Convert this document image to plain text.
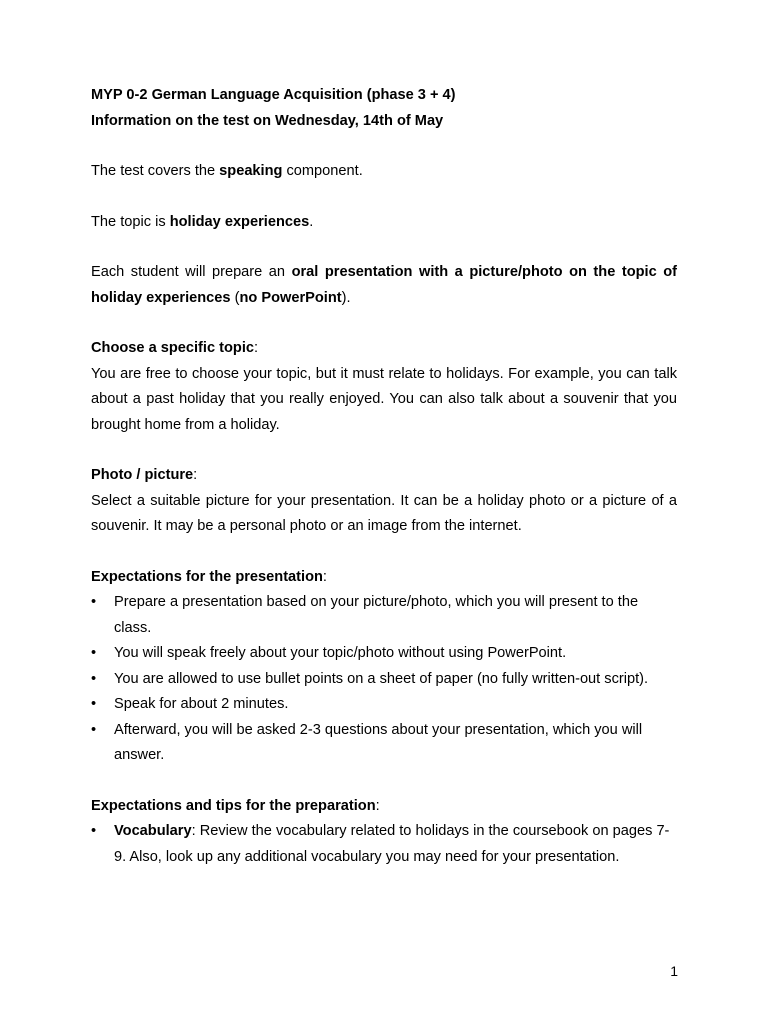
MYP 0-2 German Language Acquisition (phase 3 + 4)

Information on the test on Wednesday, 14th of May

The test covers the speaking component.

The topic is holiday experiences.

Each student will prepare an oral presentation with a picture/photo on the topic of holiday experiences (no PowerPoint).

Choose a specific topic:

You are free to choose your topic, but it must relate to holidays. For example, you can talk about a past holiday that you really enjoyed. You can also talk about a souvenir that you brought home from a holiday.

Photo / picture:

Select a suitable picture for your presentation. It can be a holiday photo or a picture of a souvenir. It may be a personal photo or an image from the internet.

Expectations for the presentation:

• Prepare a presentation based on your picture/photo, which you will present to the class.
• You will speak freely about your topic/photo without using PowerPoint.
• You are allowed to use bullet points on a sheet of paper (no fully written-out script).
• Speak for about 2 minutes.
• Afterward, you will be asked 2-3 questions about your presentation, which you will answer.

Expectations and tips for the preparation:

• Vocabulary: Review the vocabulary related to holidays in the coursebook on pages 7-9. Also, look up any additional vocabulary you may need for your presentation.
1
